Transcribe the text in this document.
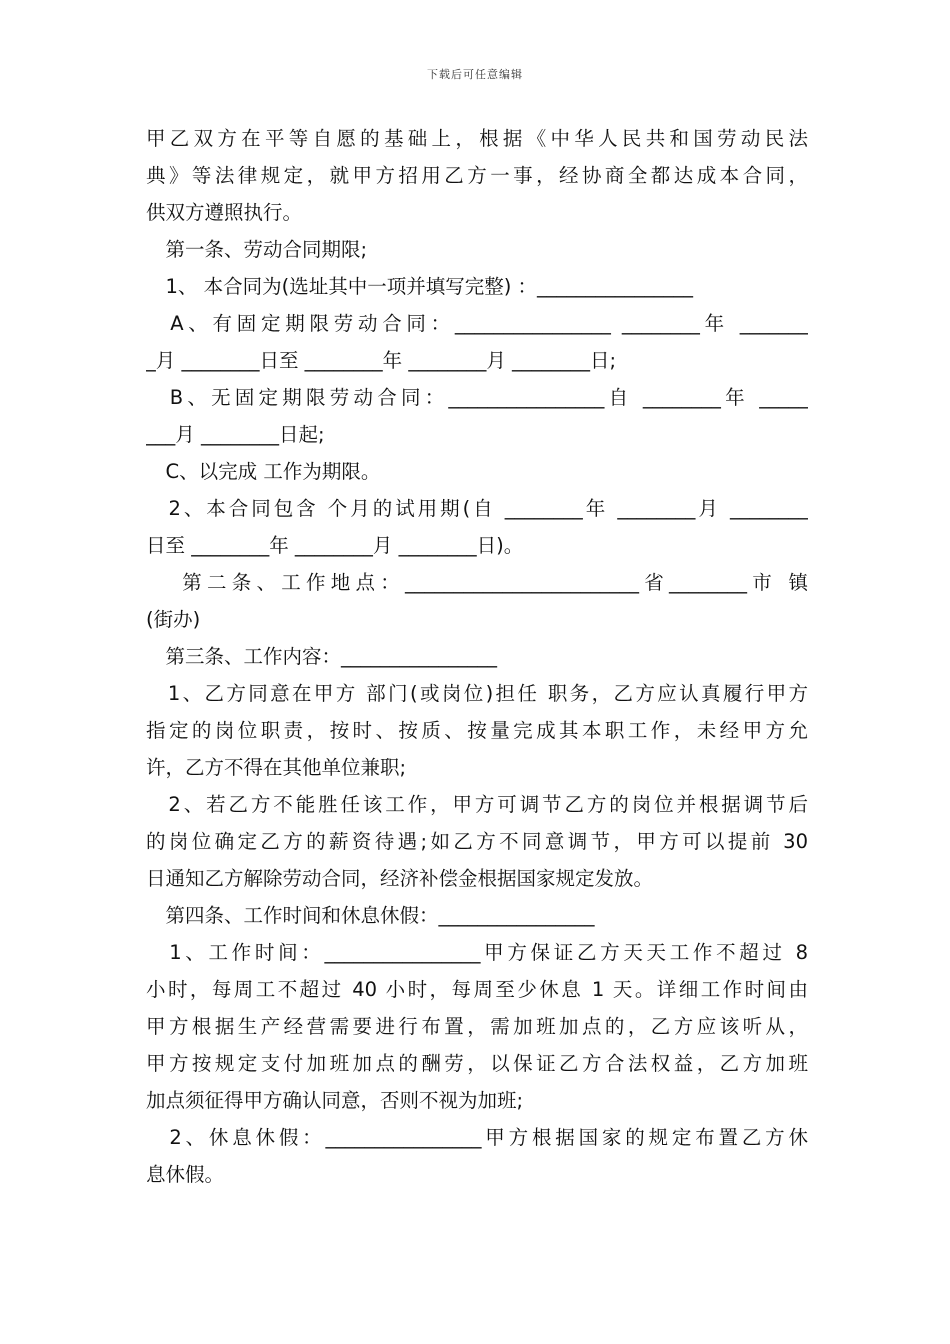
下载后可任意编辑
甲乙双方在平等自愿的基础上，根据《中华人民共和国劳动民法
典》等法律规定，就甲方招用乙方一事，经协商全都达成本合同，
供双方遵照执行。
　第一条、劳动合同期限;
　1、 本合同为(选址其中一项并填写完整) ：________________
　A、有固定期限劳动合同：________________ ________年 _______
_月 ________日至 ________年 ________月 ________日;
　B、无固定期限劳动合同：________________自 ________年 _____
___月 ________日起;
　C、以完成 工作为期限。
　2、本合同包含 个月的试用期(自 ________年 ________月 ________
日至 ________年 ________月 ________日)。
　 第二条、工作地点：________________________省________市 镇
(街办)
　第三条、工作内容：________________
　1、乙方同意在甲方 部门(或岗位)担任 职务，乙方应认真履行甲方
指定的岗位职责，按时、按质、按量完成其本职工作，未经甲方允
许，乙方不得在其他单位兼职;
　2、若乙方不能胜任该工作，甲方可调节乙方的岗位并根据调节后
的岗位确定乙方的薪资待遇;如乙方不同意调节，甲方可以提前 30
日通知乙方解除劳动合同，经济补偿金根据国家规定发放。
　第四条、工作时间和休息休假：________________
　1、工作时间：________________甲方保证乙方天天工作不超过 8
小时，每周工不超过 40 小时，每周至少休息 1 天。详细工作时间由
甲方根据生产经营需要进行布置，需加班加点的，乙方应该听从，
甲方按规定支付加班加点的酬劳，以保证乙方合法权益，乙方加班
加点须征得甲方确认同意，否则不视为加班;
　2、休息休假：________________甲方根据国家的规定布置乙方休
息休假。
